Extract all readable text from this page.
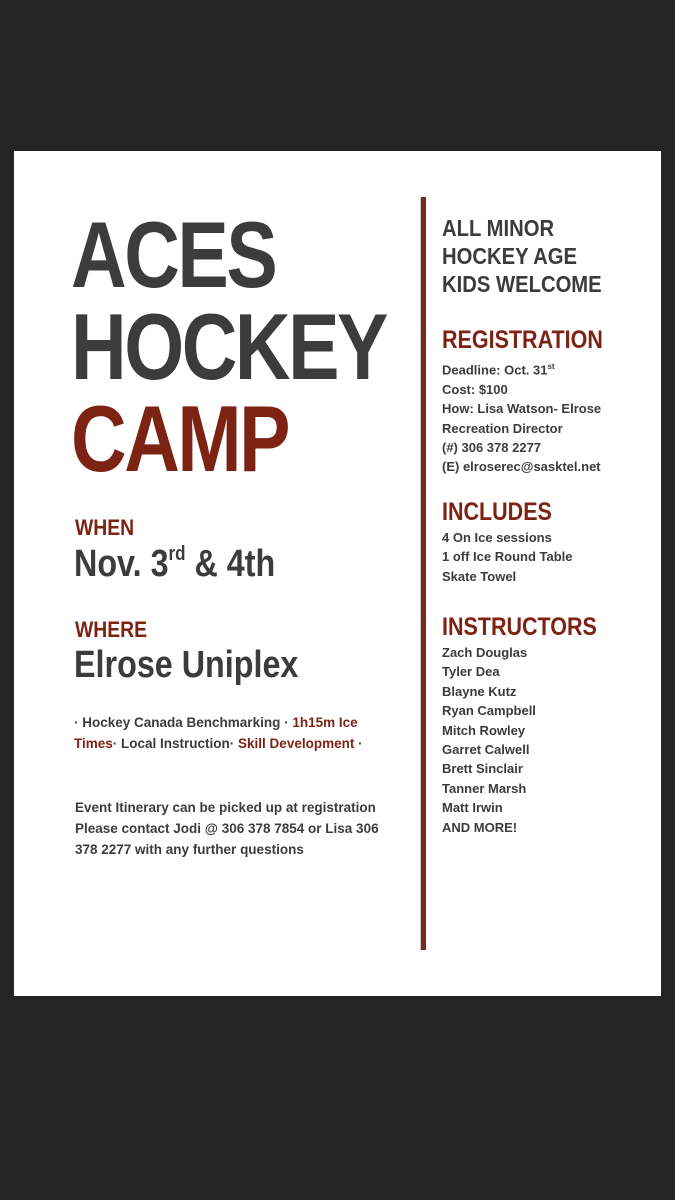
ACES
HOCKEY
CAMP
WHEN
Nov. 3rd & 4th
WHERE
Elrose Uniplex
· Hockey Canada Benchmarking · 1h15m Ice Times· Local Instruction· Skill Development ·
Event Itinerary can be picked up at registration Please contact Jodi @ 306 378 7854 or Lisa 306 378 2277 with any further questions
ALL MINOR
HOCKEY AGE
KIDS WELCOME
REGISTRATION
Deadline: Oct. 31st
Cost: $100
How: Lisa Watson- Elrose
Recreation Director
(#) 306 378 2277
(E) elroserec@sasktel.net
INCLUDES
4 On Ice sessions
1 off Ice Round Table
Skate Towel
INSTRUCTORS
Zach Douglas
Tyler Dea
Blayne Kutz
Ryan Campbell
Mitch Rowley
Garret Calwell
Brett Sinclair
Tanner Marsh
Matt Irwin
AND MORE!
